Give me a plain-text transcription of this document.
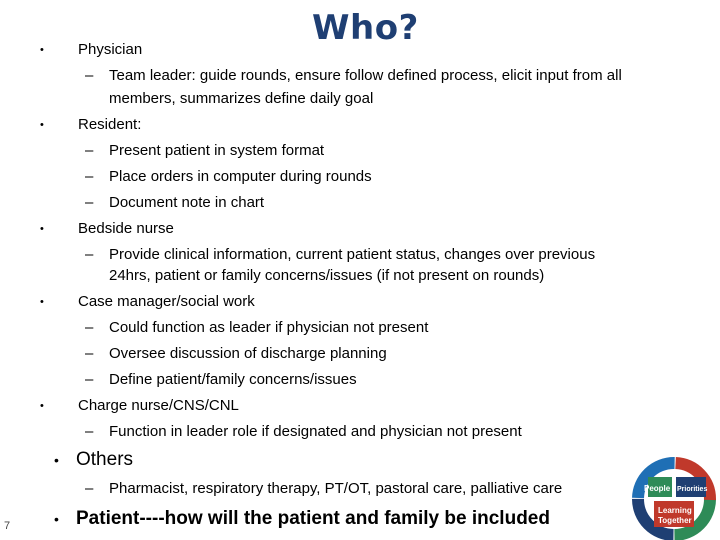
Who?
• Physician
– Team leader: guide rounds, ensure follow defined process, elicit input from all
members, summarizes define daily goal
• Resident:
– Present patient in system format
– Place orders in computer during rounds
– Document note in chart
• Bedside nurse
– Provide clinical information, current patient status, changes over previous
24hrs, patient or family concerns/issues (if not present on rounds)
• Case manager/social work
– Could function as leader if physician not present
– Oversee discussion of discharge planning
– Define patient/family concerns/issues
• Charge nurse/CNS/CNL
– Function in leader role if designated and physician not present
• Others
– Pharmacist, respiratory therapy, PT/OT, pastoral care, palliative care
• Patient----how will the patient and family be included
7
People Priorities
Learning
Together
